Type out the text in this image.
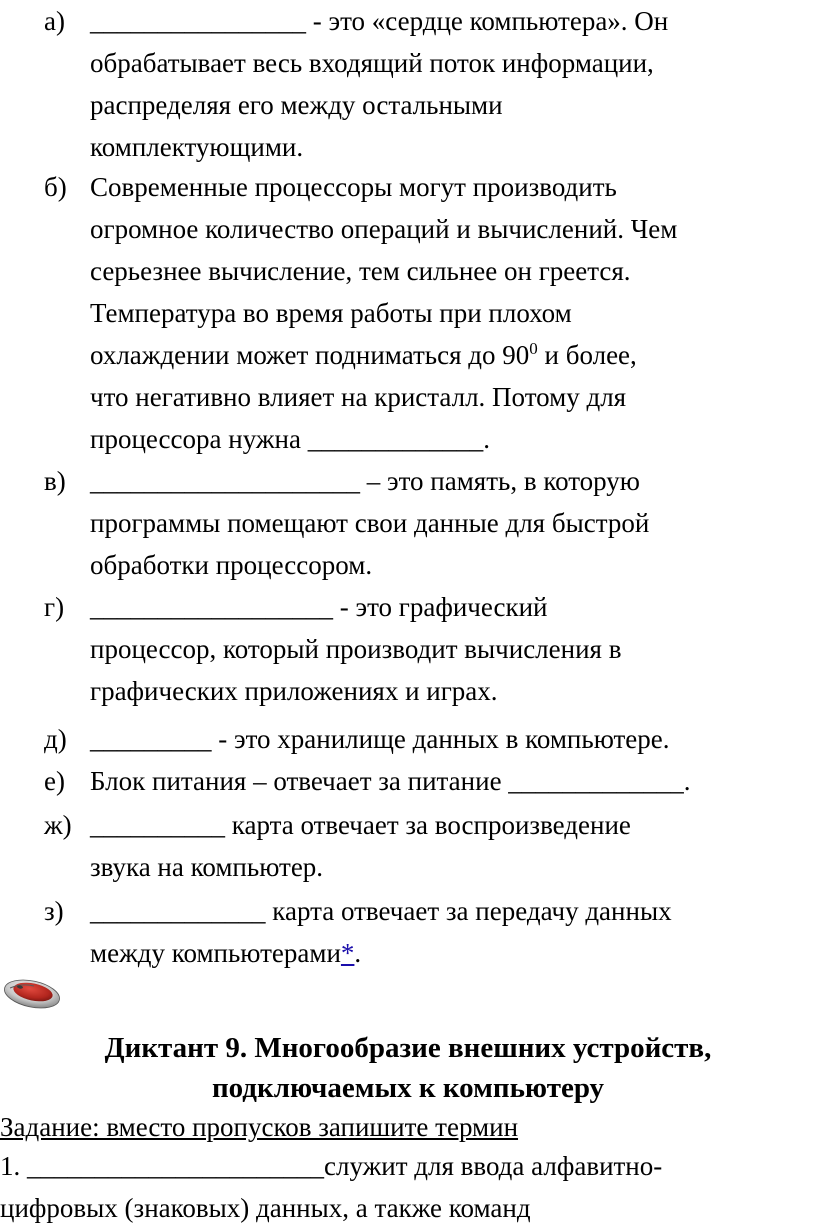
а) ________________ - это «сердце компьютера». Он
обрабатывает весь входящий поток информации,
распределяя его между остальными
комплектующими.
б) Современные процессоры могут производить
огромное количество операций и вычислений. Чем
серьезнее вычисление, тем сильнее он греется.
Температура во время работы при плохом
охлаждении может подниматься до $90^0$ и более,
что негативно влияет на кристалл. Потому для
процессора нужна _____________.
в) ____________________ – это память, в которую
программы помещают свои данные для быстрой
обработки процессором.
г) __________________ - это графический
процессор, который производит вычисления в
графических приложениях и играх.
д) _________ - это хранилище данных в компьютере.
е) Блок питания – отвечает за питание _____________.
ж) __________ карта отвечает за воспроизведение
звука на компьютер.
з) _____________ карта отвечает за передачу данных
между компьютерами*.
Диктант 9. Многообразие внешних устройств,
подключаемых к компьютеру
Задание: вместо пропусков запишите термин
1. ______________________служит для ввода алфавитно-
цифровых (знаковых) данных, а также команд
